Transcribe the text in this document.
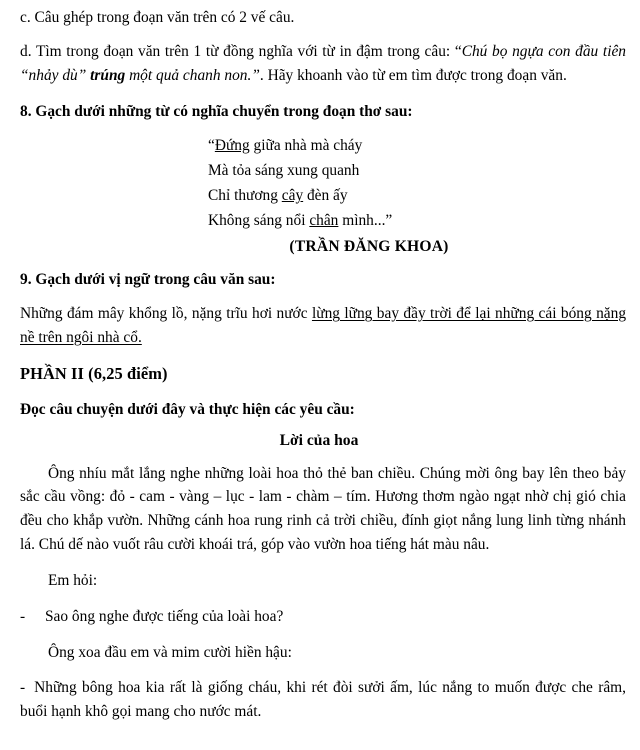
c. Câu ghép trong đoạn văn trên có 2 vế câu.

d. Tìm trong đoạn văn trên 1 từ đồng nghĩa với từ in đậm trong câu: “Chú bọ ngựa con đầu tiên “nhảy dù” trúng một quả chanh non.”. Hãy khoanh vào từ em tìm được trong đoạn văn.

8. Gạch dưới những từ có nghĩa chuyển trong đoạn thơ sau:

“Đứng giữa nhà mà cháy
Mà tỏa sáng xung quanh
Chỉ thương cây đèn ấy
Không sáng nổi chân mình...”

(TRẦN ĐĂNG KHOA)

9. Gạch dưới vị ngữ trong câu văn sau:

Những đám mây khổng lồ, nặng trĩu hơi nước lừng lững bay đầy trời để lại những cái bóng nặng nề trên ngôi nhà cổ.

PHẦN II (6,25 điểm)

Đọc câu chuyện dưới đây và thực hiện các yêu cầu:

Lời của hoa

Ông nhíu mắt lắng nghe những loài hoa thỏ thẻ ban chiều. Chúng mời ông bay lên theo bảy sắc cầu vồng: đỏ - cam - vàng – lục - lam - chàm – tím. Hương thơm ngào ngạt nhờ chị gió chia đều cho khắp vườn. Những cánh hoa rung rinh cả trời chiều, đính giọt nắng lung linh từng nhánh lá. Chú dế nào vuốt râu cười khoái trá, góp vào vườn hoa tiếng hát màu nâu.

Em hỏi:

- Sao ông nghe được tiếng của loài hoa?

Ông xoa đầu em và mim cười hiền hậu:

- Những bông hoa kia rất là giống cháu, khi rét đòi sưởi ấm, lúc nắng to muốn được che râm, buổi hạnh khô gọi mang cho nước mát.
